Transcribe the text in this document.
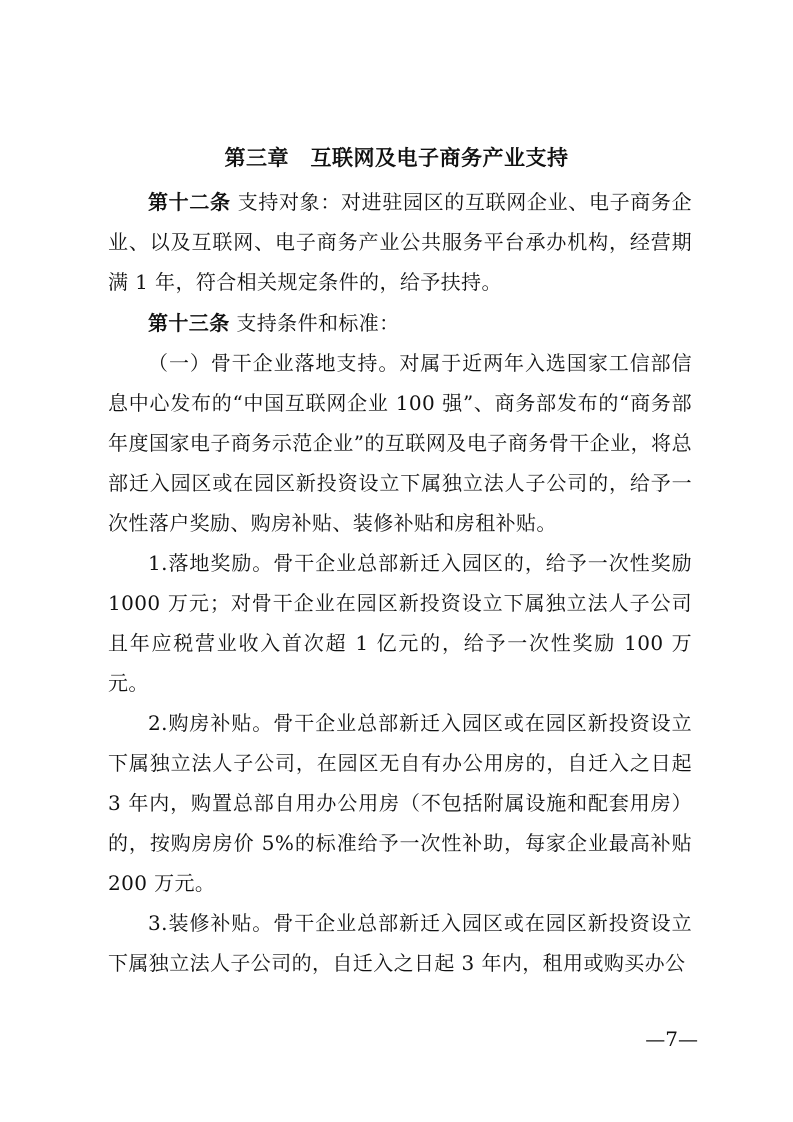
第三章　互联网及电子商务产业支持

第十二条 支持对象：对进驻园区的互联网企业、电子商务企业、以及互联网、电子商务产业公共服务平台承办机构，经营期满 1 年，符合相关规定条件的，给予扶持。

第十三条 支持条件和标准：

（一）骨干企业落地支持。对属于近两年入选国家工信部信息中心发布的“中国互联网企业 100 强”、商务部发布的“商务部年度国家电子商务示范企业”的互联网及电子商务骨干企业，将总部迁入园区或在园区新投资设立下属独立法人子公司的，给予一次性落户奖励、购房补贴、装修补贴和房租补贴。

1.落地奖励。骨干企业总部新迁入园区的，给予一次性奖励 1000 万元；对骨干企业在园区新投资设立下属独立法人子公司且年应税营业收入首次超 1 亿元的，给予一次性奖励 100 万元。

2.购房补贴。骨干企业总部新迁入园区或在园区新投资设立下属独立法人子公司，在园区无自有办公用房的，自迁入之日起 3 年内，购置总部自用办公用房（不包括附属设施和配套用房）的，按购房房价 5%的标准给予一次性补助，每家企业最高补贴 200 万元。

3.装修补贴。骨干企业总部新迁入园区或在园区新投资设立下属独立法人子公司的，自迁入之日起 3 年内，租用或购买办公

—7—
